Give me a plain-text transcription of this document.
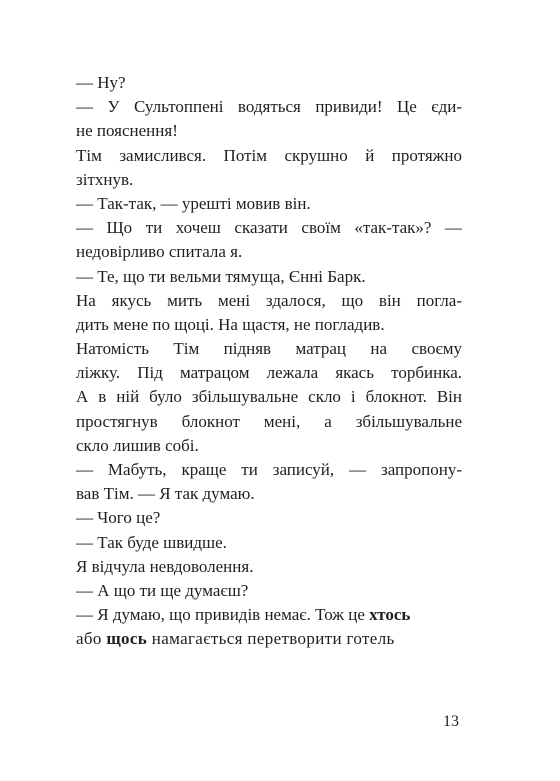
— Ну?
— У Сультоппені водяться привиди! Це єди-
не пояснення!
Тім замислився. Потім скрушно й протяжно
зітхнув.
— Так-так, — урешті мовив він.
— Що ти хочеш сказати своїм «так-так»? —
недовірливо спитала я.
— Те, що ти вельми тямуща, Єнні Барк.
На якусь мить мені здалося, що він погла-
дить мене по щоці. На щастя, не погладив.
Натомість Тім підняв матрац на своєму
ліжку. Під матрацом лежала якась торбинка.
А в ній було збільшувальне скло і блокнот. Він
простягнув блокнот мені, а збільшувальне
скло лишив собі.
— Мабуть, краще ти записуй, — запропону-
вав Тім. — Я так думаю.
— Чого це?
— Так буде швидше.
Я відчула невдоволення.
— А що ти ще думаєш?
— Я думаю, що привидів немає. Тож це хтось
або щось намагається перетворити готель
13
